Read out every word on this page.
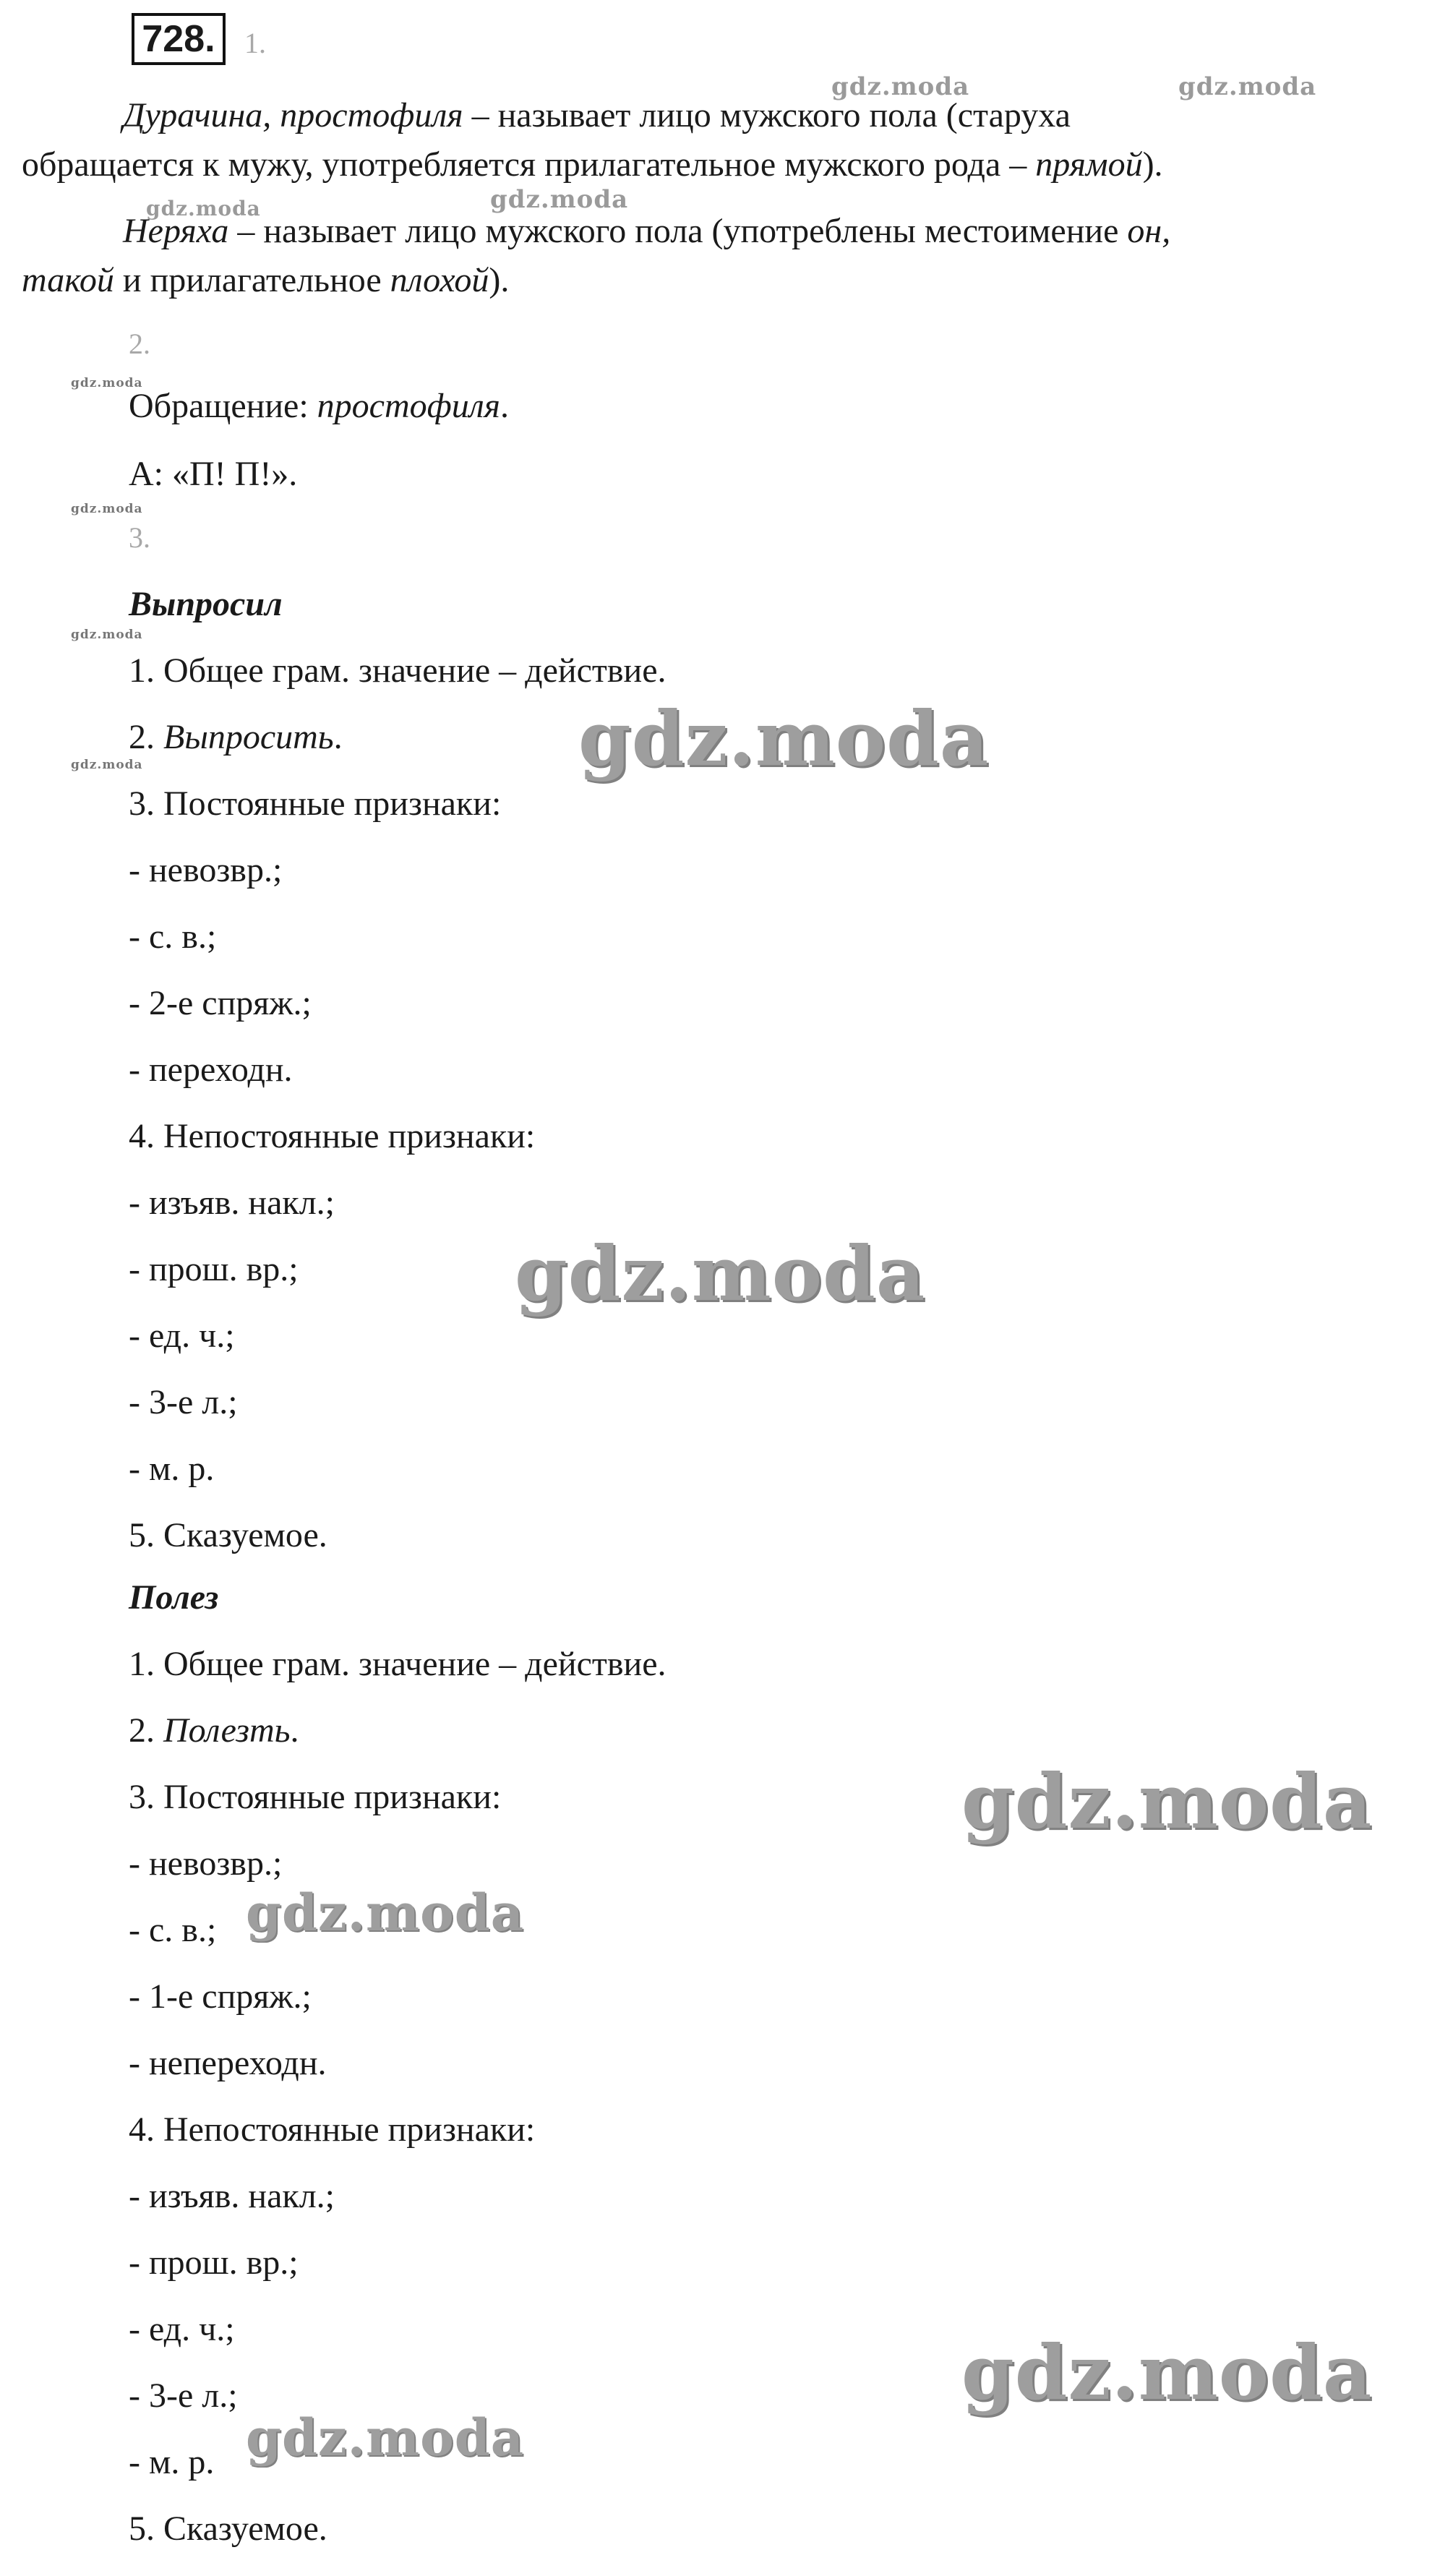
728.	1.
Дурачина, простофиля – называет лицо мужского пола (старуха
обращается к мужу, употребляется прилагательное мужского рода – прямой).
Неряха – называет лицо мужского пола (употреблены местоимение он,
такой и прилагательное плохой).
2.
Обращение: простофиля.
А: «П! П!».
3.
Выпросил
1. Общее грам. значение – действие.
2. Выпросить.
3. Постоянные признаки:
- невозвр.;
- с. в.;
- 2-е спряж.;
- переходн.
4. Непостоянные признаки:
- изъяв. накл.;
- прош. вр.;
- ед. ч.;
- 3-е л.;
- м. р.
5. Сказуемое.
Полез
1. Общее грам. значение – действие.
2. Полезть.
3. Постоянные признаки:
- невозвр.;
- с. в.;
- 1-е спряж.;
- непереходн.
4. Непостоянные признаки:
- изъяв. накл.;
- прош. вр.;
- ед. ч.;
- 3-е л.;
- м. р.
5. Сказуемое.
gdz.moda	gdz.moda
gdz.moda
gdz.moda
gdz.moda
gdz.moda
gdz.moda
gdz.moda	gdz.moda
gdz.moda
gdz.moda
gdz.moda
gdz.moda
gdz.moda
